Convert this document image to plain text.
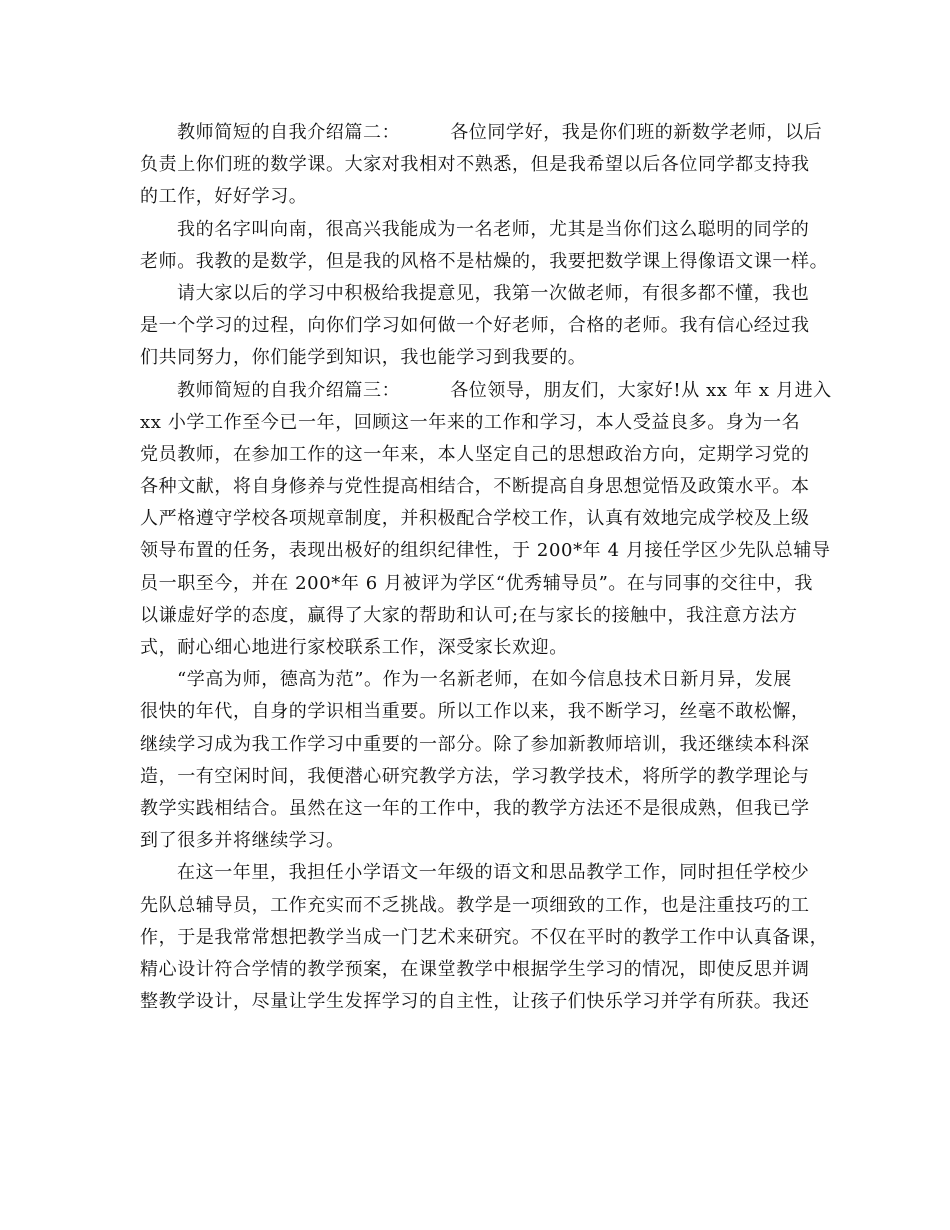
教师简短的自我介绍篇二：	各位同学好，我是你们班的新数学老师，以后
负责上你们班的数学课。大家对我相对不熟悉，但是我希望以后各位同学都支持我
的工作，好好学习。
我的名字叫向南，很高兴我能成为一名老师，尤其是当你们这么聪明的同学的
老师。我教的是数学，但是我的风格不是枯燥的，我要把数学课上得像语文课一样。
请大家以后的学习中积极给我提意见，我第一次做老师，有很多都不懂，我也
是一个学习的过程，向你们学习如何做一个好老师，合格的老师。我有信心经过我
们共同努力，你们能学到知识，我也能学习到我要的。
教师简短的自我介绍篇三：	各位领导，朋友们，大家好!从 xx 年 x 月进入
xx 小学工作至今已一年，回顾这一年来的工作和学习，本人受益良多。身为一名
党员教师，在参加工作的这一年来，本人坚定自己的思想政治方向，定期学习党的
各种文献，将自身修养与党性提高相结合，不断提高自身思想觉悟及政策水平。本
人严格遵守学校各项规章制度，并积极配合学校工作，认真有效地完成学校及上级
领导布置的任务，表现出极好的组织纪律性，于 200*年 4 月接任学区少先队总辅导
员一职至今，并在 200*年 6 月被评为学区“优秀辅导员”。在与同事的交往中，我
以谦虚好学的态度，赢得了大家的帮助和认可;在与家长的接触中，我注意方法方
式，耐心细心地进行家校联系工作，深受家长欢迎。
“学高为师，德高为范”。作为一名新老师，在如今信息技术日新月异，发展
很快的年代，自身的学识相当重要。所以工作以来，我不断学习，丝毫不敢松懈，
继续学习成为我工作学习中重要的一部分。除了参加新教师培训，我还继续本科深
造，一有空闲时间，我便潜心研究教学方法，学习教学技术，将所学的教学理论与
教学实践相结合。虽然在这一年的工作中，我的教学方法还不是很成熟，但我已学
到了很多并将继续学习。
在这一年里，我担任小学语文一年级的语文和思品教学工作，同时担任学校少
先队总辅导员，工作充实而不乏挑战。教学是一项细致的工作，也是注重技巧的工
作，于是我常常想把教学当成一门艺术来研究。不仅在平时的教学工作中认真备课，
精心设计符合学情的教学预案，在课堂教学中根据学生学习的情况，即使反思并调
整教学设计，尽量让学生发挥学习的自主性，让孩子们快乐学习并学有所获。我还
